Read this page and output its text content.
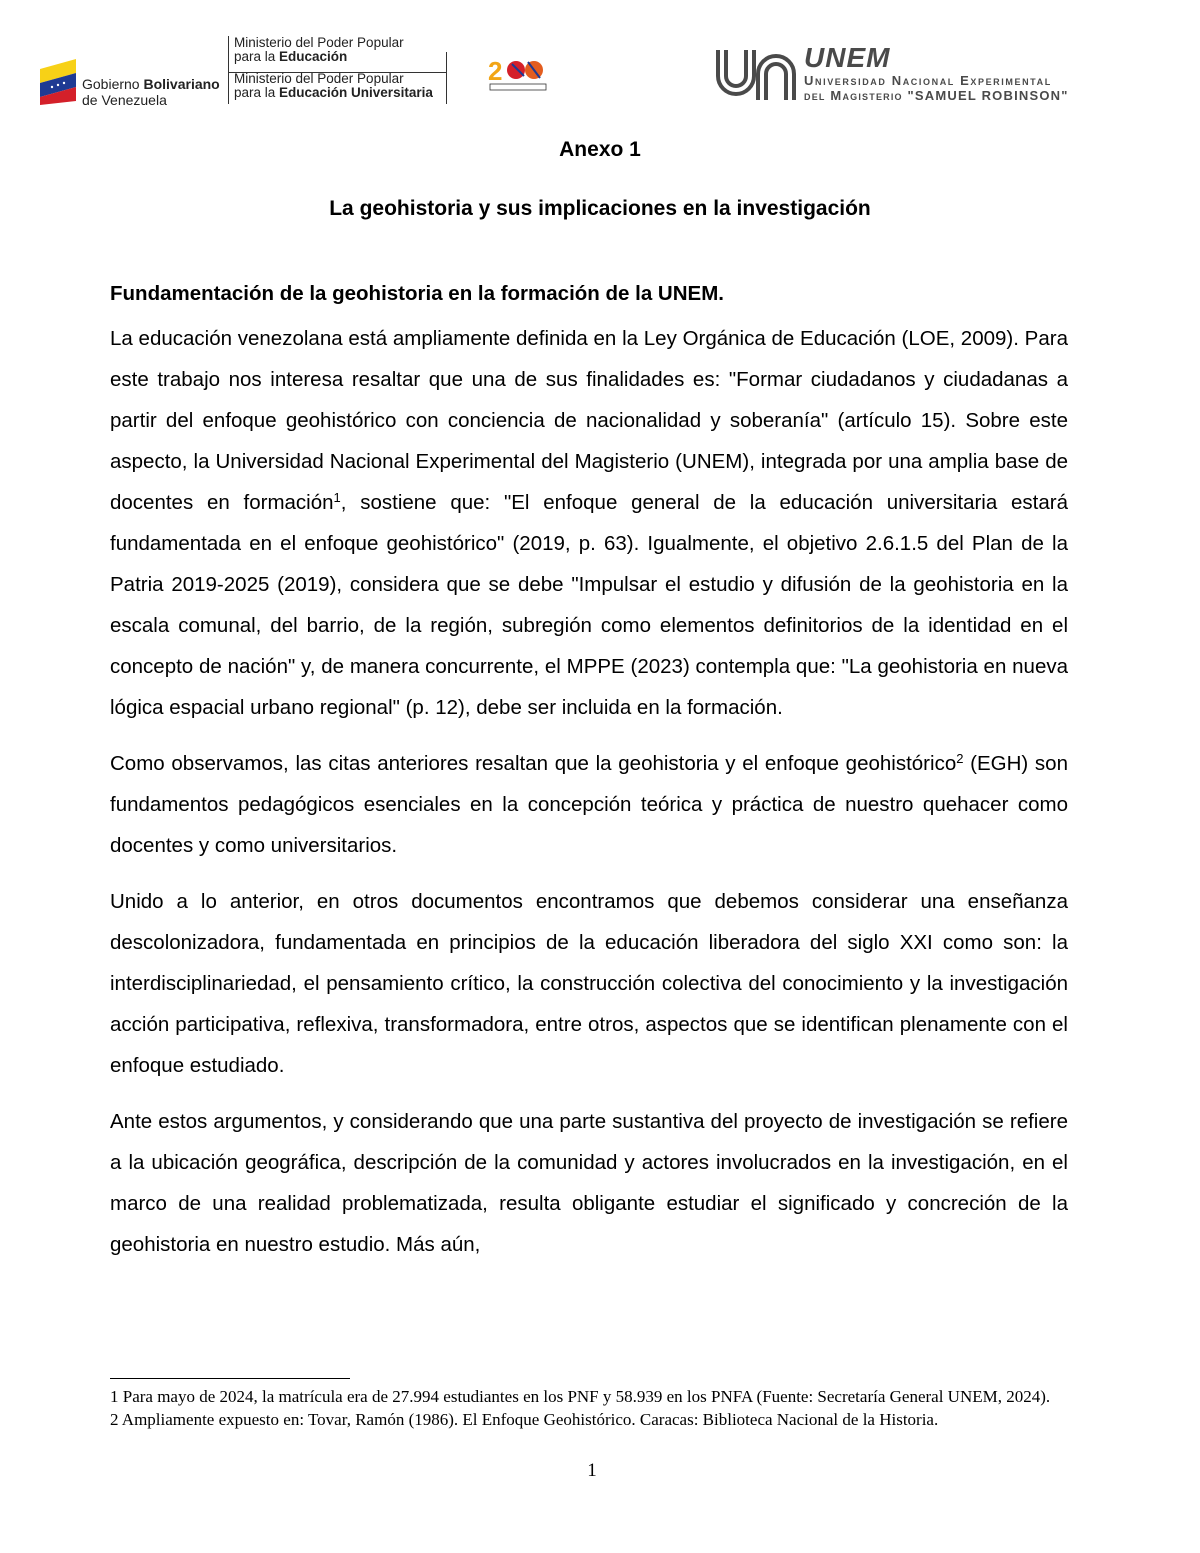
Gobierno Bolivariano
de Venezuela
Ministerio del Poder Popular
para la Educación
Ministerio del Poder Popular
para la Educación Universitaria
2	UNEM
Universidad Nacional Experimental
del Magisterio "SAMUEL ROBINSON"
Anexo 1
La geohistoria y sus implicaciones en la investigación
Fundamentación de la geohistoria en la formación de la UNEM.

La educación venezolana está ampliamente definida en la Ley Orgánica de Educación (LOE, 2009). Para este trabajo nos interesa resaltar que una de sus finalidades es: "Formar ciudadanos y ciudadanas a partir del enfoque geohistórico con conciencia de nacionalidad y soberanía" (artículo 15). Sobre este aspecto, la Universidad Nacional Experimental del Magisterio (UNEM), integrada por una amplia base de docentes en formación$^1$, sostiene que: "El enfoque general de la educación universitaria estará fundamentada en el enfoque geohistórico" (2019, p. 63). Igualmente, el objetivo 2.6.1.5 del Plan de la Patria 2019-2025 (2019), considera que se debe "Impulsar el estudio y difusión de la geohistoria en la escala comunal, del barrio, de la región, subregión como elementos definitorios de la identidad en el concepto de nación" y, de manera concurrente, el MPPE (2023) contempla que: "La geohistoria en nueva lógica espacial urbano regional" (p. 12), debe ser incluida en la formación.

Como observamos, las citas anteriores resaltan que la geohistoria y el enfoque geohistórico$^2$ (EGH) son fundamentos pedagógicos esenciales en la concepción teórica y práctica de nuestro quehacer como docentes y como universitarios.

Unido a lo anterior, en otros documentos encontramos que debemos considerar una enseñanza descolonizadora, fundamentada en principios de la educación liberadora del siglo XXI como son: la interdisciplinariedad, el pensamiento crítico, la construcción colectiva del conocimiento y la investigación acción participativa, reflexiva, transformadora, entre otros, aspectos que se identifican plenamente con el enfoque estudiado.

Ante estos argumentos, y considerando que una parte sustantiva del proyecto de investigación se refiere a la ubicación geográfica, descripción de la comunidad y actores involucrados en la investigación, en el marco de una realidad problematizada, resulta obligante estudiar el significado y concreción de la geohistoria en nuestro estudio. Más aún,

1 Para mayo de 2024, la matrícula era de 27.994 estudiantes en los PNF y 58.939 en los PNFA (Fuente: Secretaría General UNEM, 2024).

2 Ampliamente expuesto en: Tovar, Ramón (1986). El Enfoque Geohistórico. Caracas: Biblioteca Nacional de la Historia.

1
